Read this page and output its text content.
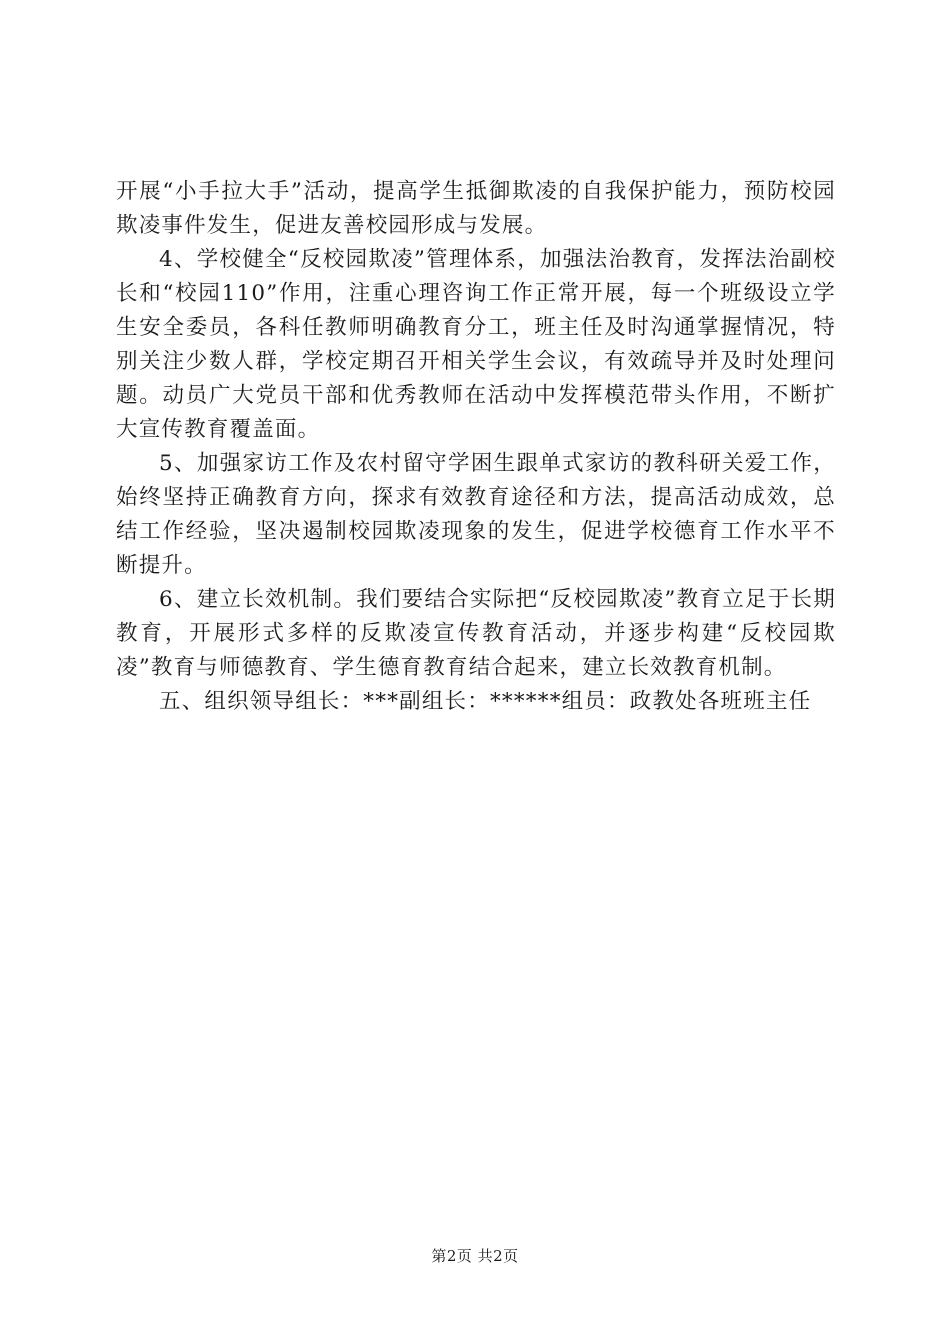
开展“小手拉大手”活动，提高学生抵御欺凌的自我保护能力，预防校园欺凌事件发生，促进友善校园形成与发展。

4、学校健全“反校园欺凌”管理体系，加强法治教育，发挥法治副校长和“校园110”作用，注重心理咨询工作正常开展，每一个班级设立学生安全委员，各科任教师明确教育分工，班主任及时沟通掌握情况，特别关注少数人群，学校定期召开相关学生会议，有效疏导并及时处理问题。动员广大党员干部和优秀教师在活动中发挥模范带头作用，不断扩大宣传教育覆盖面。

5、加强家访工作及农村留守学困生跟单式家访的教科研关爱工作，始终坚持正确教育方向，探求有效教育途径和方法，提高活动成效，总结工作经验，坚决遏制校园欺凌现象的发生，促进学校德育工作水平不断提升。

6、建立长效机制。我们要结合实际把“反校园欺凌”教育立足于长期教育，开展形式多样的反欺凌宣传教育活动，并逐步构建“反校园欺凌”教育与师德教育、学生德育教育结合起来，建立长效教育机制。

五、组织领导组长：***副组长：******组员：政教处各班班主任

第2页 共2页
